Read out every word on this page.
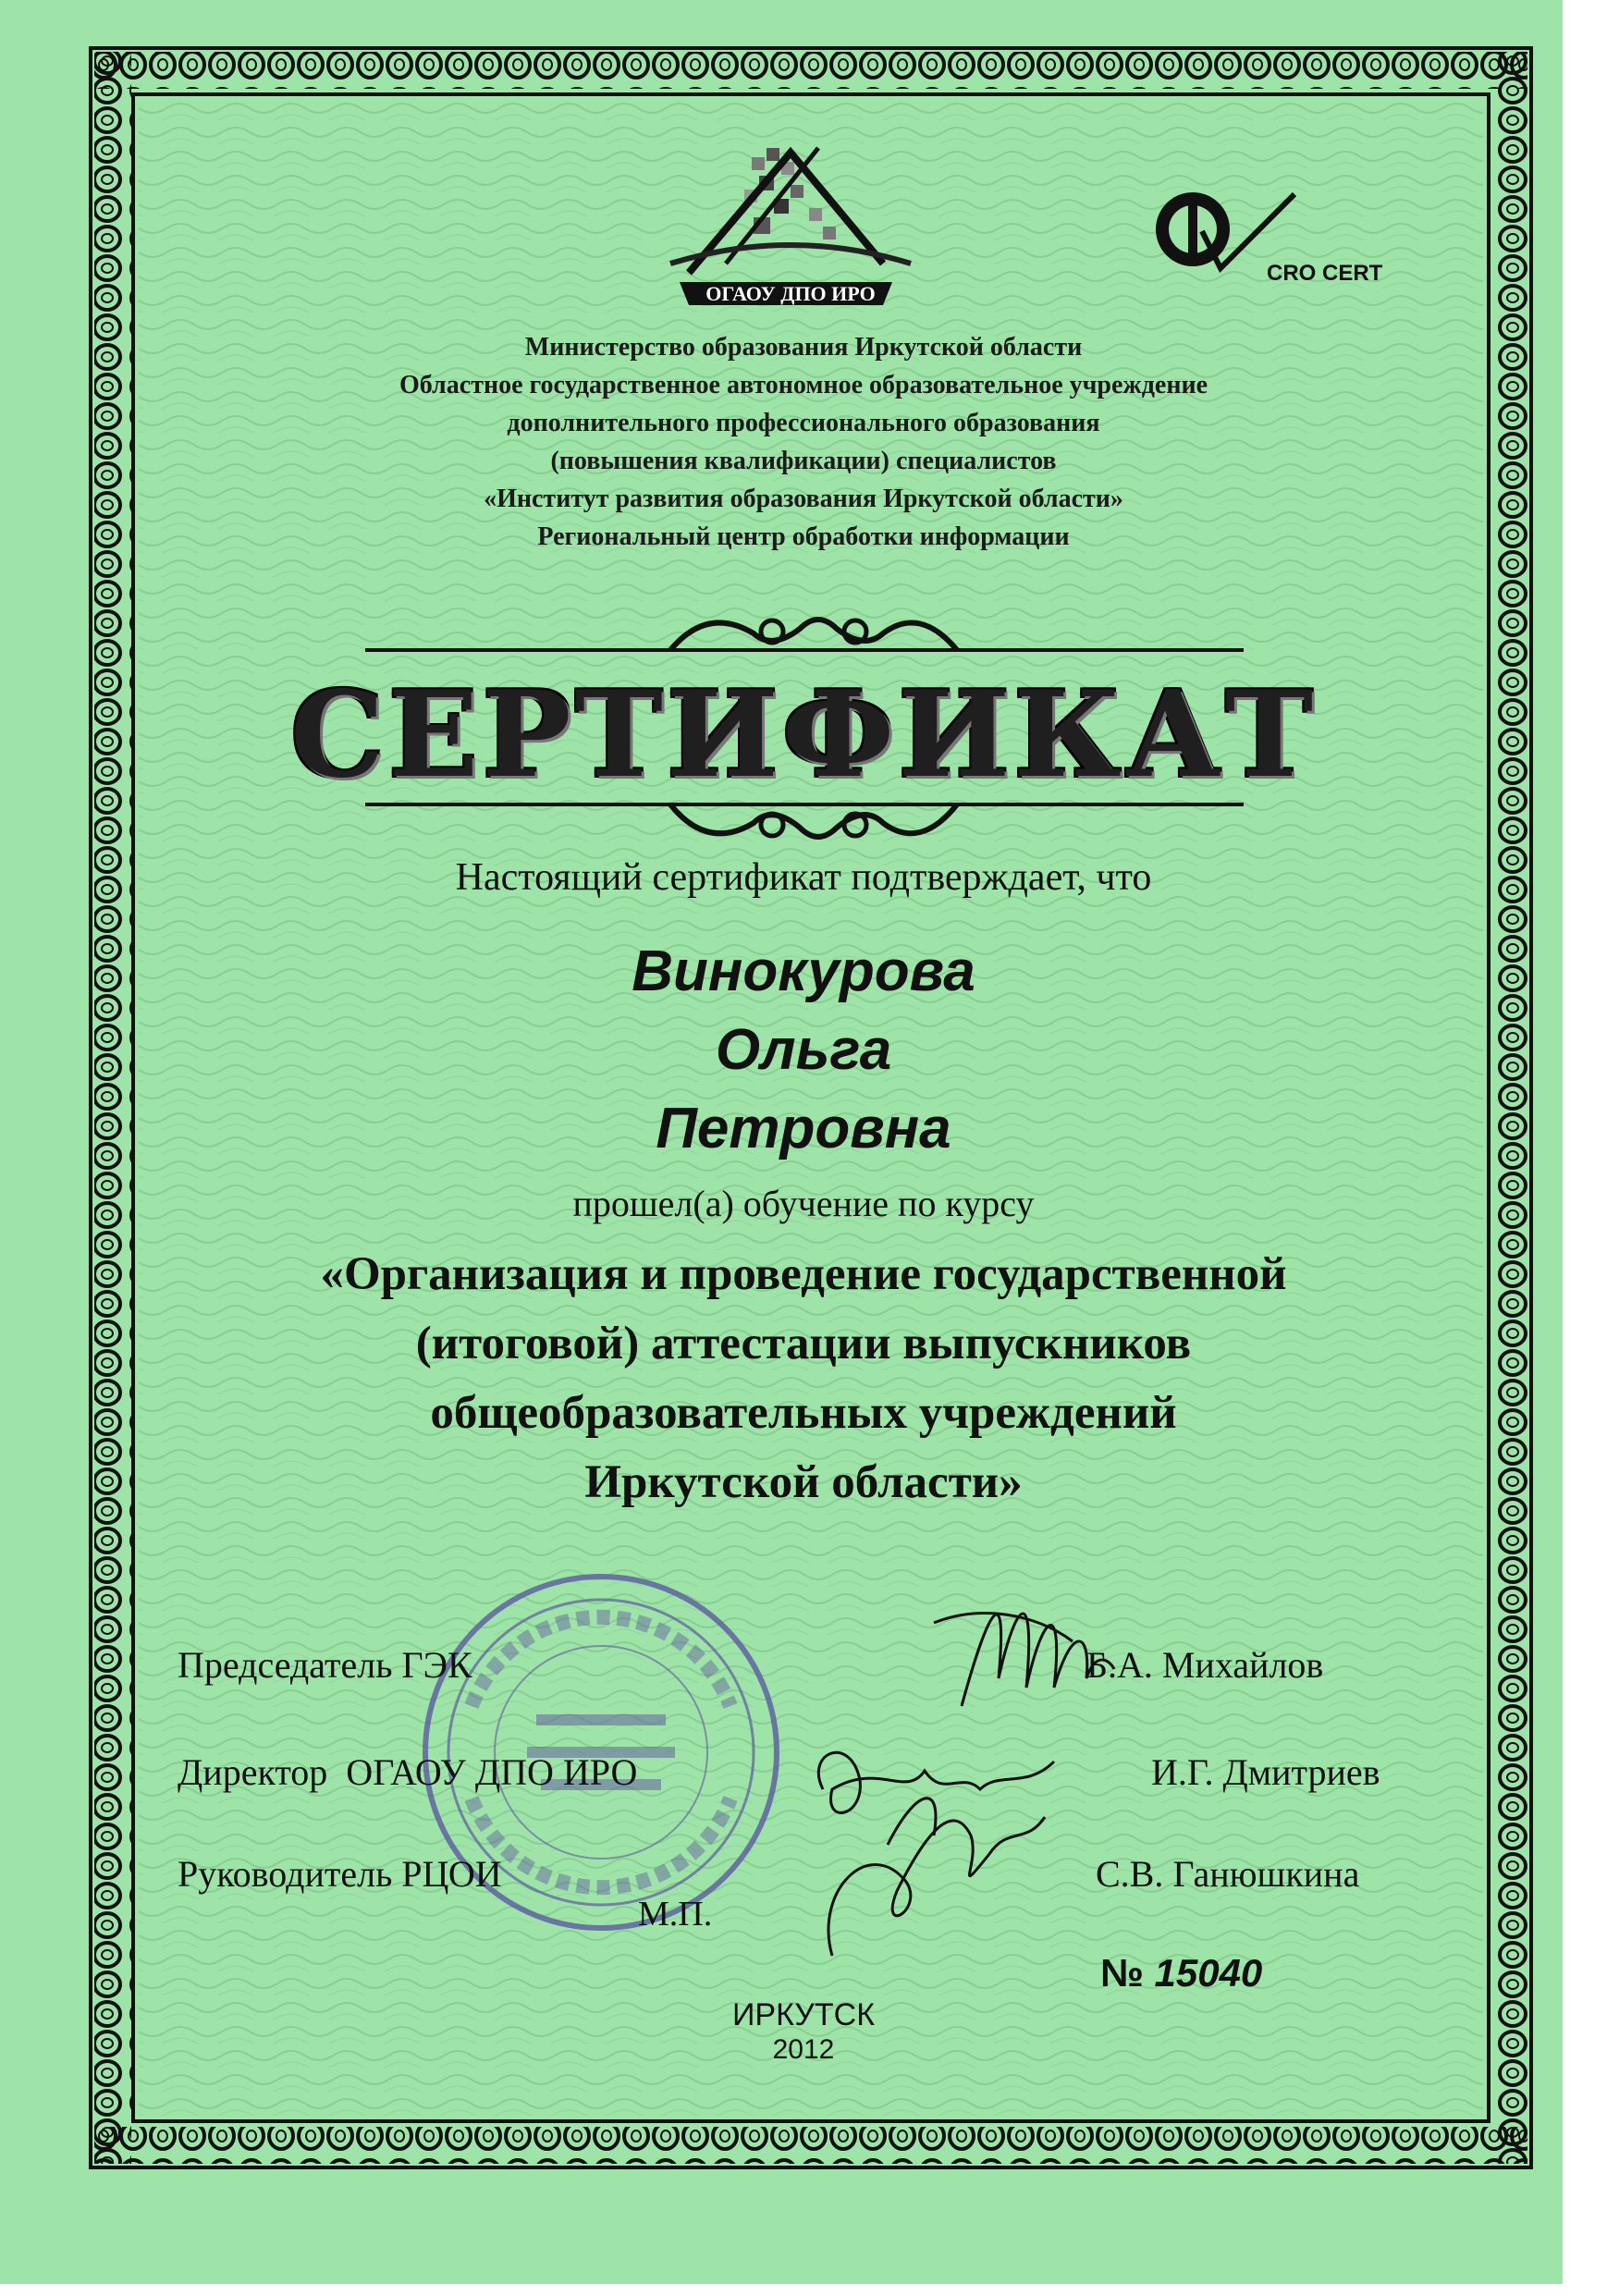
ОГАОУ ДПО ИРО
CRO CERT
Министерство образования Иркутской области
Областное государственное автономное образовательное учреждение
дополнительного профессионального образования
(повышения квалификации) специалистов
«Институт развития образования Иркутской области»
Региональный центр обработки информации
СЕРТИФИКАТ
Настоящий сертификат подтверждает, что
Винокурова
Ольга
Петровна
прошел(а) обучение по курсу
«Организация и проведение государственной
(итоговой) аттестации выпускников
общеобразовательных учреждений
Иркутской области»
Председатель ГЭК	Б.А. Михайлов
Директор  ОГАОУ ДПО ИРО	И.Г. Дмитриев
Руководитель РЦОИ	С.В. Ганюшкина
М.П.
№ 15040
ИРКУТСК
2012
